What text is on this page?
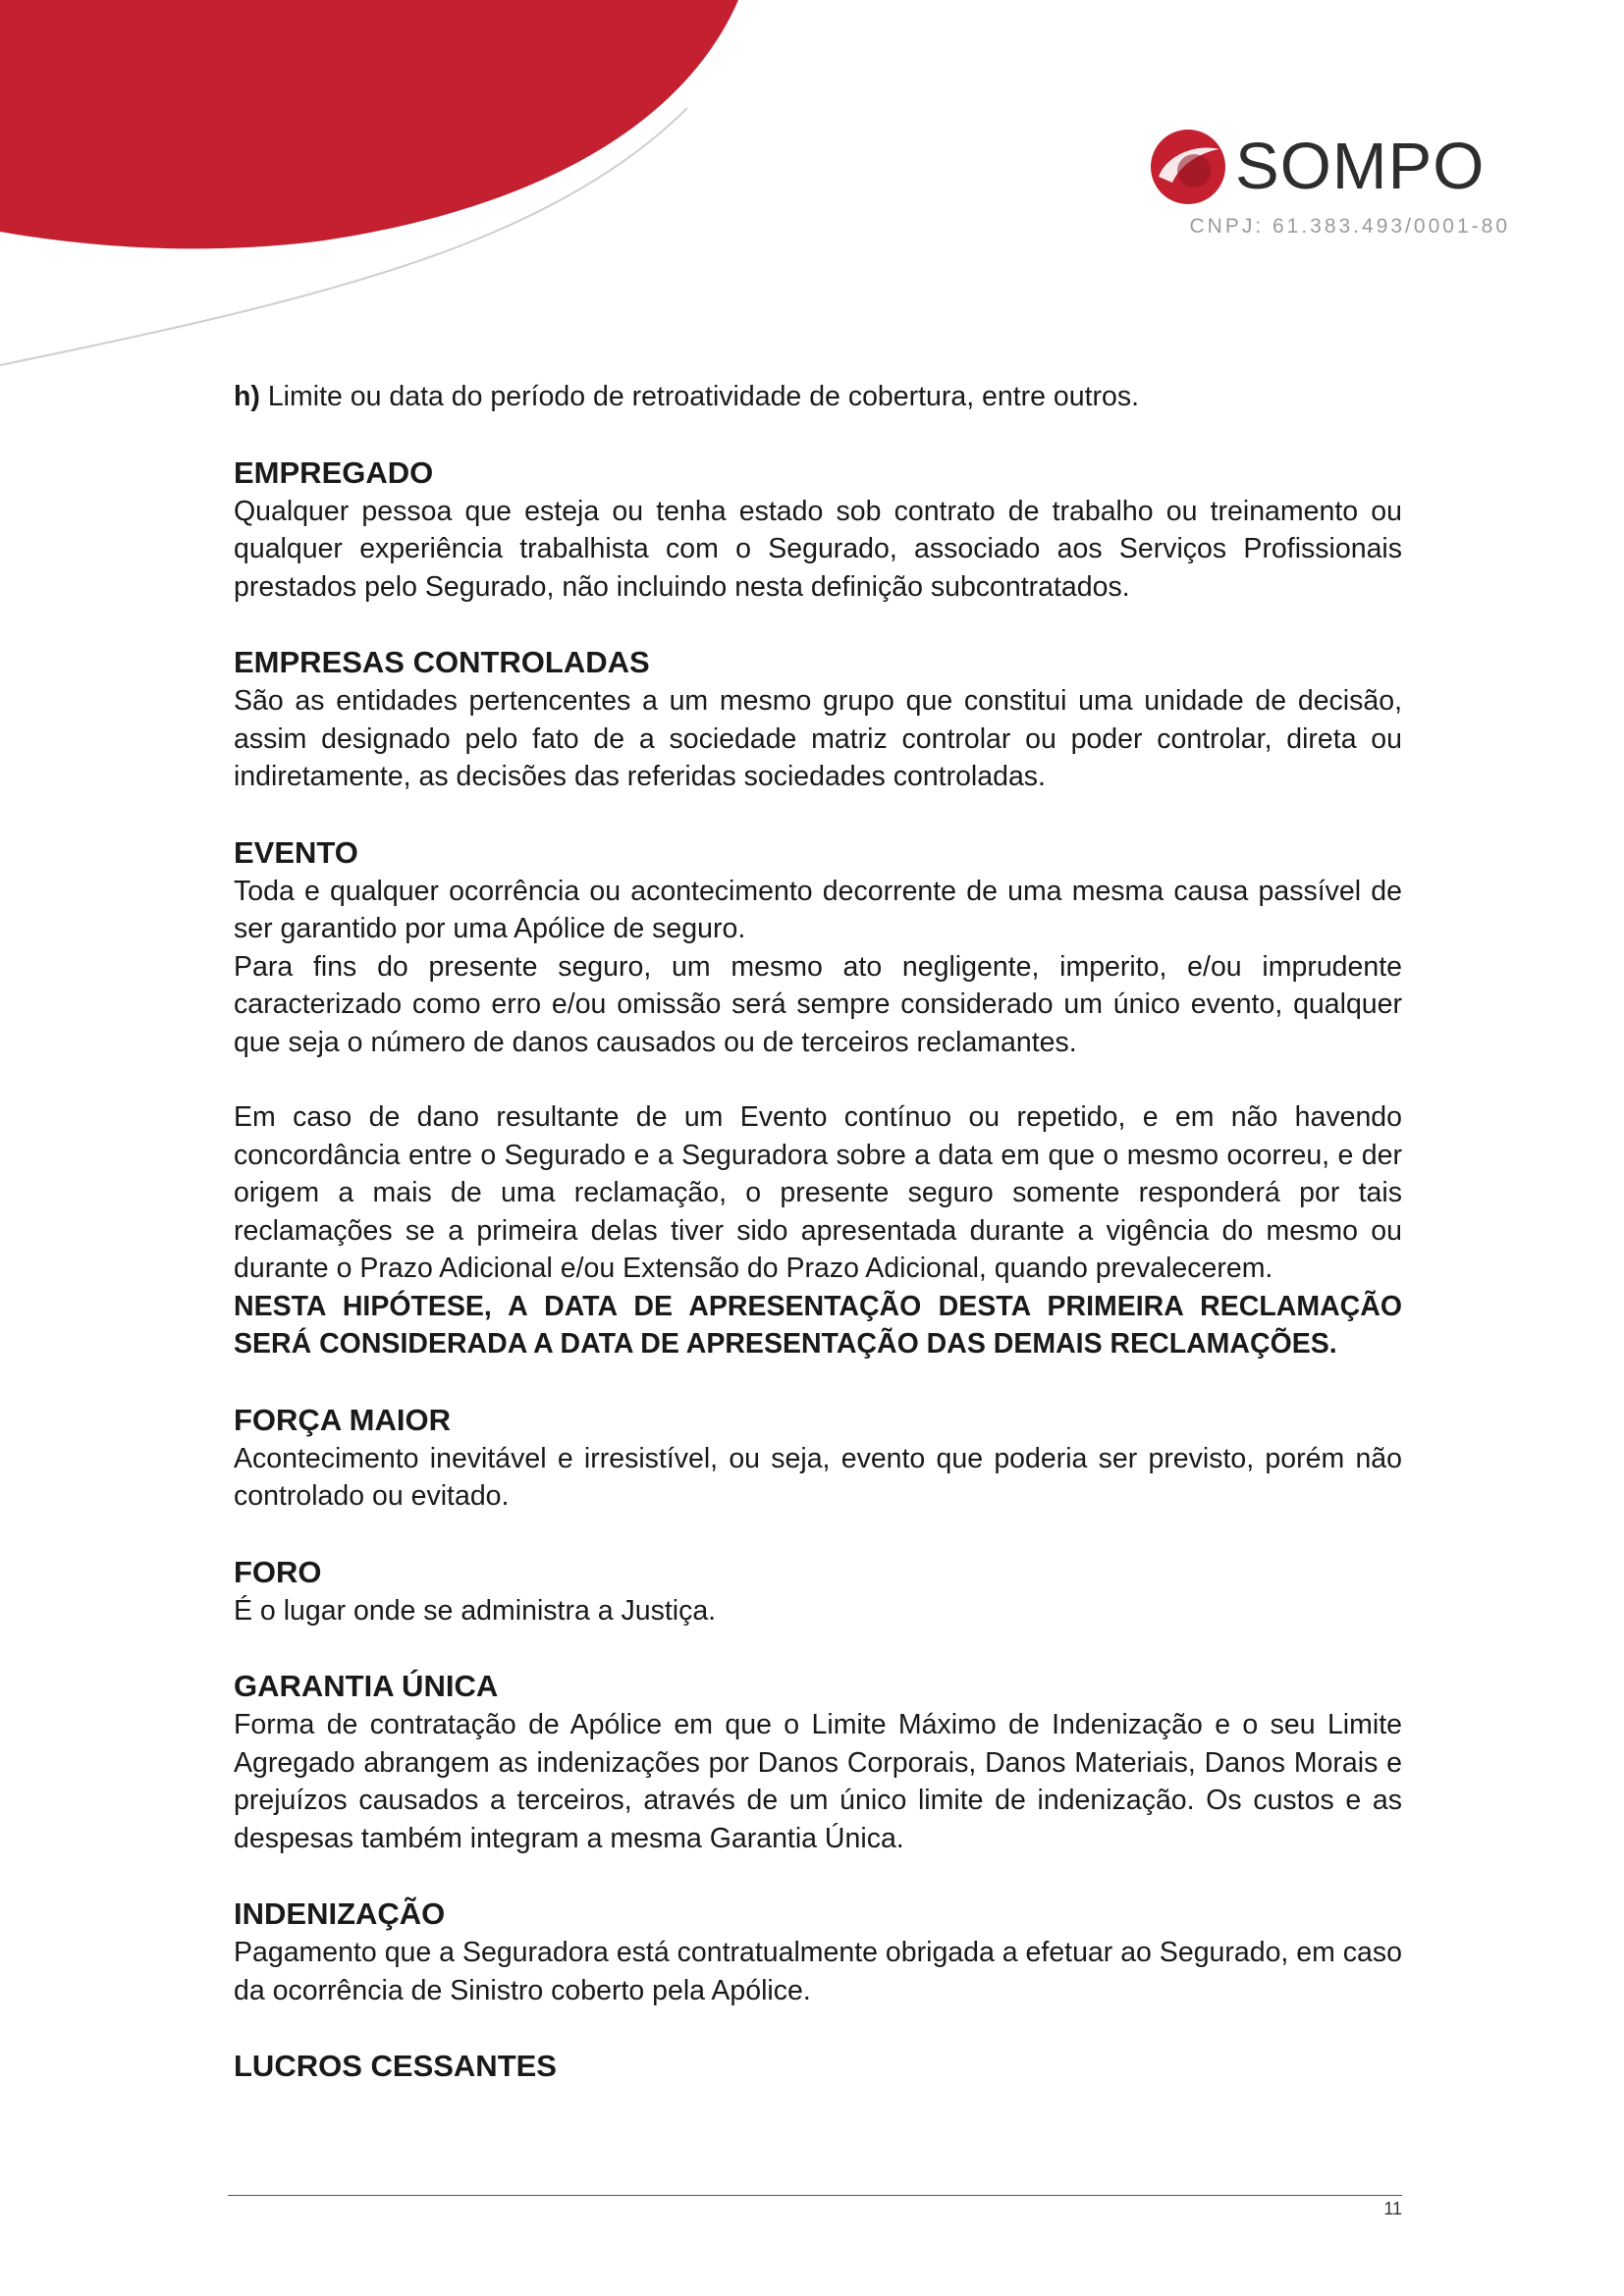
SOMPO
CNPJ: 61.383.493/0001-80

h) Limite ou data do período de retroatividade de cobertura, entre outros.

EMPREGADO

Qualquer pessoa que esteja ou tenha estado sob contrato de trabalho ou treinamento ou qualquer experiência trabalhista com o Segurado, associado aos Serviços Profissionais prestados pelo Segurado, não incluindo nesta definição subcontratados.

EMPRESAS CONTROLADAS

São as entidades pertencentes a um mesmo grupo que constitui uma unidade de decisão, assim designado pelo fato de a sociedade matriz controlar ou poder controlar, direta ou indiretamente, as decisões das referidas sociedades controladas.

EVENTO

Toda e qualquer ocorrência ou acontecimento decorrente de uma mesma causa passível de ser garantido por uma Apólice de seguro.

Para fins do presente seguro, um mesmo ato negligente, imperito, e/ou imprudente caracterizado como erro e/ou omissão será sempre considerado um único evento, qualquer que seja o número de danos causados ou de terceiros reclamantes.

Em caso de dano resultante de um Evento contínuo ou repetido, e em não havendo concordância entre o Segurado e a Seguradora sobre a data em que o mesmo ocorreu, e der origem a mais de uma reclamação, o presente seguro somente responderá por tais reclamações se a primeira delas tiver sido apresentada durante a vigência do mesmo ou durante o Prazo Adicional e/ou Extensão do Prazo Adicional, quando prevalecerem.

NESTA HIPÓTESE, A DATA DE APRESENTAÇÃO DESTA PRIMEIRA RECLAMAÇÃO SERÁ CONSIDERADA A DATA DE APRESENTAÇÃO DAS DEMAIS RECLAMAÇÕES.

FORÇA MAIOR

Acontecimento inevitável e irresistível, ou seja, evento que poderia ser previsto, porém não controlado ou evitado.

FORO

É o lugar onde se administra a Justiça.

GARANTIA ÚNICA

Forma de contratação de Apólice em que o Limite Máximo de Indenização e o seu Limite Agregado abrangem as indenizações por Danos Corporais, Danos Materiais, Danos Morais e prejuízos causados a terceiros, através de um único limite de indenização. Os custos e as despesas também integram a mesma Garantia Única.

INDENIZAÇÃO

Pagamento que a Seguradora está contratualmente obrigada a efetuar ao Segurado, em caso da ocorrência de Sinistro coberto pela Apólice.

LUCROS CESSANTES
11
